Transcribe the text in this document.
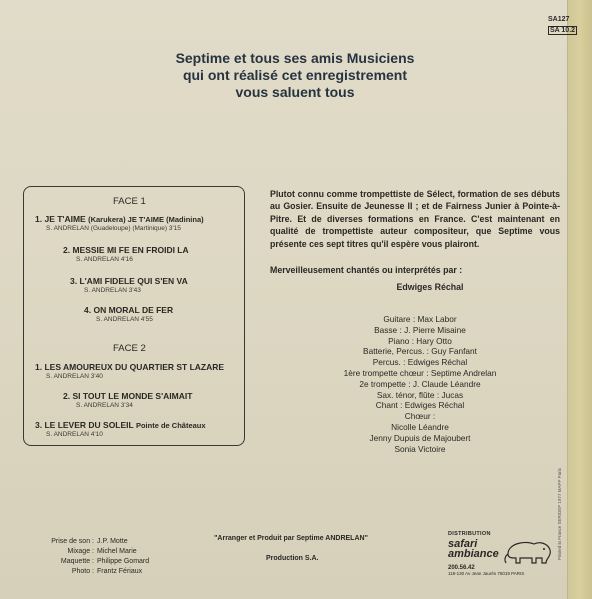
SA127
SA 10.2
Septime et tous ses amis Musiciens
qui ont réalisé cet enregistrement
vous saluent tous
FACE 1
1. JE T'AIME (Karukera) JE T'AIME (Madinina)
S. ANDRELAN (Guadeloupe) (Martinique) 3'15
2. MESSIE MI FE EN FROIDI LA
S. ANDRELAN 4'16
3. L'AMI FIDELE QUI S'EN VA
S. ANDRELAN 3'43
4. ON MORAL DE FER
S. ANDRELAN 4'55
FACE 2
1. LES AMOUREUX DU QUARTIER ST LAZARE
S. ANDRELAN 3'40
2. SI TOUT LE MONDE S'AIMAIT
S. ANDRELAN 3'34
3. LE LEVER DU SOLEIL Pointe de Châteaux
S. ANDRELAN 4'10
Plutot connu comme trompettiste de Sélect, formation de ses débuts au Gosier. Ensuite de Jeunesse II ; et de Fairness Junier à Pointe-à-Pitre. Et de diverses formations en France. C'est maintenant en qualité de trompettiste auteur compositeur, que Septime vous présente ces sept titres qu'il espère vous plairont.
Merveilleusement chantés ou interprétés par :
Edwiges Réchal
Guitare : Max Labor
Basse : J. Pierre Misaine
Piano : Hary Otto
Batterie, Percus. : Guy Fanfant
Percus. : Edwiges Réchal
1ère trompette chœur : Septime Andrelan
2e trompette : J. Claude Léandre
Sax. ténor, flûte : Jucas
Chant : Edwiges Réchal
Chœur :
Nicolle Léandre
Jenny Dupuis de Majoubert
Sonia Victoire
Prise de son : J.P. Motte
Mixage : Michel Marie
Maquette : Philippe Gomard
Photo : Frantz Fériaux
"Arranger et Produit par Septime ANDRELAN"
Production S.A.
DISTRIBUTION
safari
ambiance
200.56.42
118-130 Av Jean Jaurès 75019 PARIS
Printed in France SERIDEP 1977 MAPP Paris
